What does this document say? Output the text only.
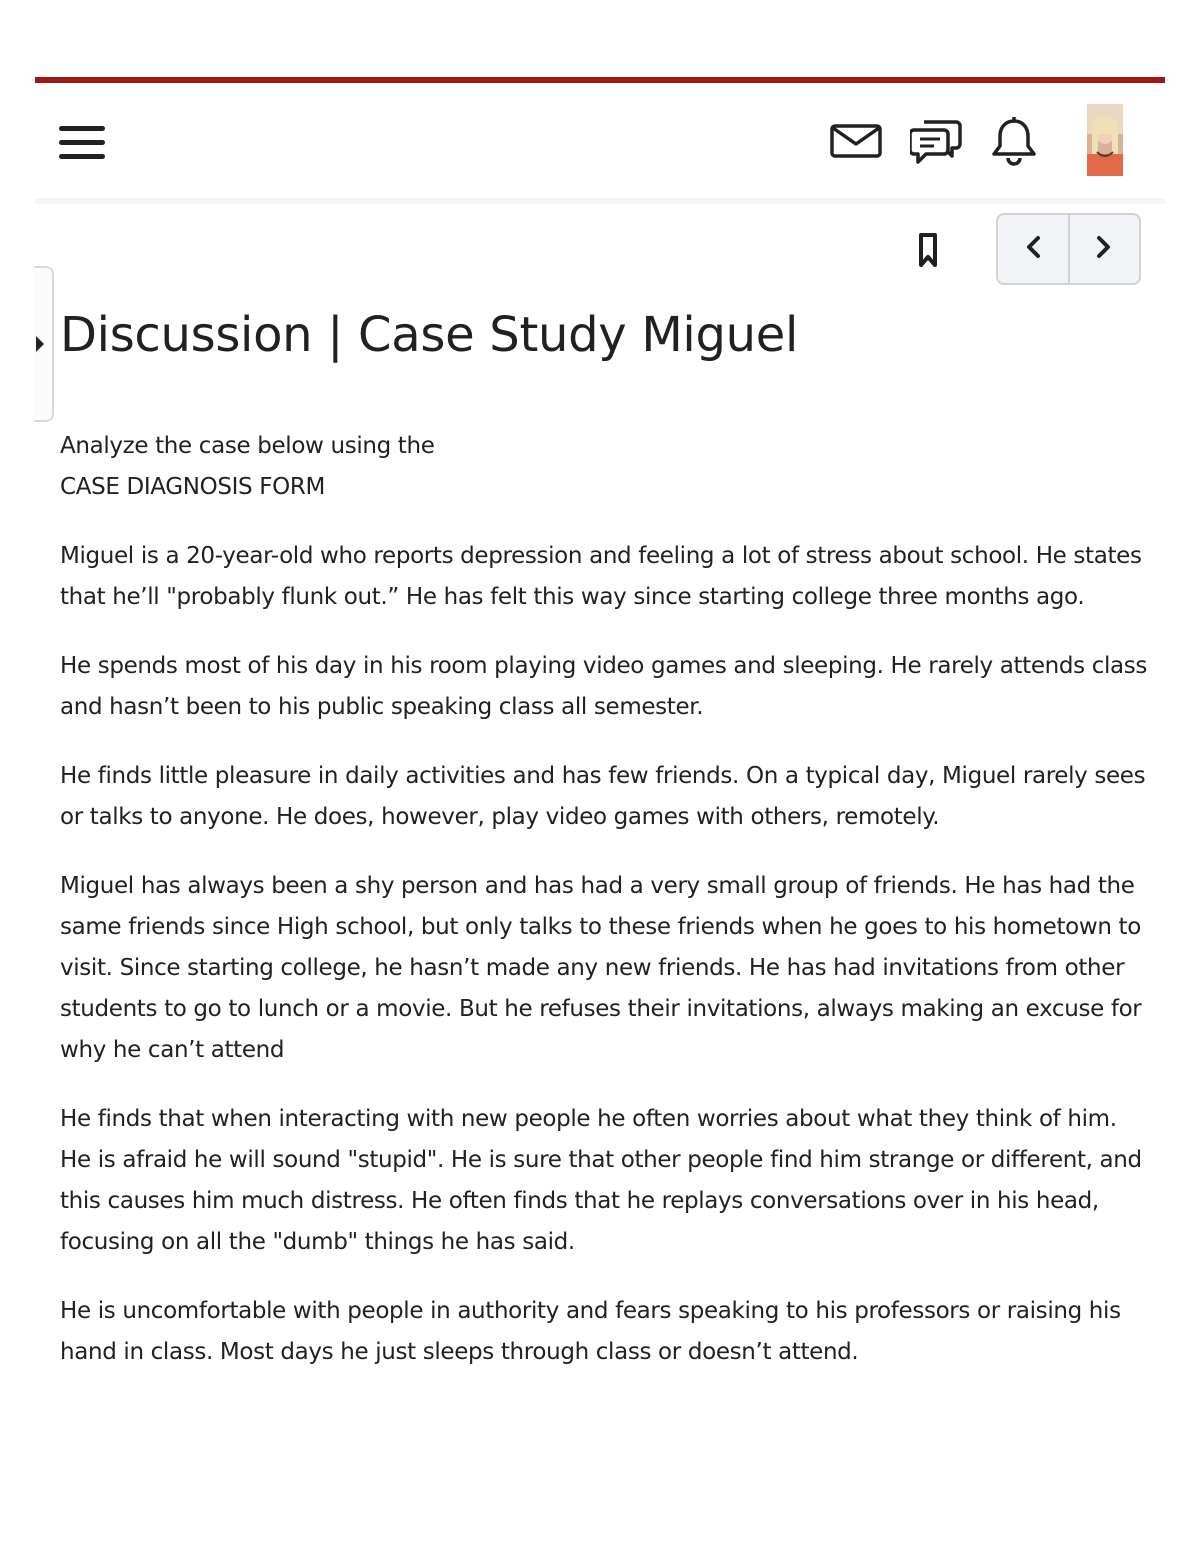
Discussion | Case Study Miguel

Analyze the case below using the
CASE DIAGNOSIS FORM

Miguel is a 20-year-old who reports depression and feeling a lot of stress about school. He states that he’ll "probably flunk out.” He has felt this way since starting college three months ago.

He spends most of his day in his room playing video games and sleeping. He rarely attends class and hasn’t been to his public speaking class all semester.

He finds little pleasure in daily activities and has few friends. On a typical day, Miguel rarely sees or talks to anyone. He does, however, play video games with others, remotely.

Miguel has always been a shy person and has had a very small group of friends. He has had the same friends since High school, but only talks to these friends when he goes to his hometown to visit. Since starting college, he hasn’t made any new friends. He has had invitations from other students to go to lunch or a movie. But he refuses their invitations, always making an excuse for why he can’t attend

He finds that when interacting with new people he often worries about what they think of him. He is afraid he will sound "stupid". He is sure that other people find him strange or different, and this causes him much distress. He often finds that he replays conversations over in his head, focusing on all the "dumb" things he has said.

He is uncomfortable with people in authority and fears speaking to his professors or raising his hand in class. Most days he just sleeps through class or doesn’t attend.
